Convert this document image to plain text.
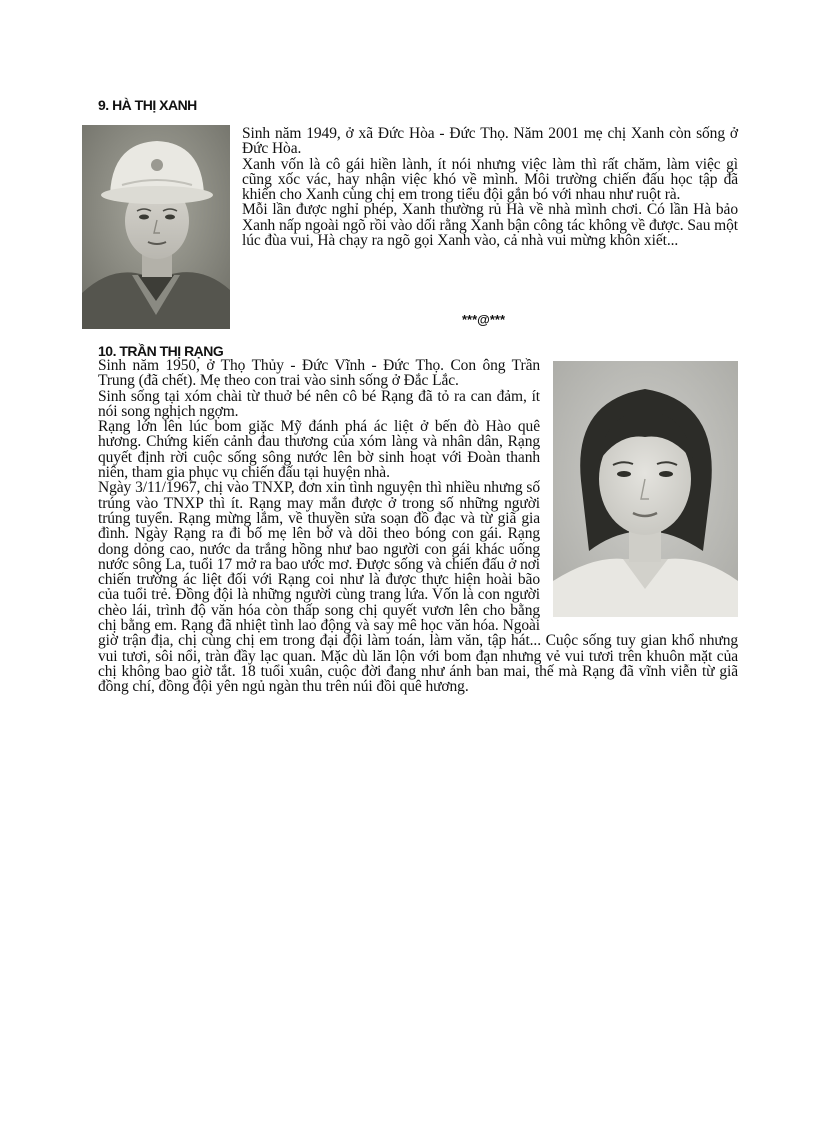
9. HÀ THỊ XANH

Sinh năm 1949, ở xã Đức Hòa - Đức Thọ. Năm 2001 mẹ chị Xanh còn sống ở Đức Hòa.

Xanh vốn là cô gái hiền lành, ít nói nhưng việc làm thì rất chăm, làm việc gì cũng xốc vác, hay nhận việc khó về mình. Môi trường chiến đấu học tập đã khiến cho Xanh cùng chị em trong tiểu đội gắn bó với nhau như ruột rà.

Mỗi lần được nghỉ phép, Xanh thường rủ Hà về nhà mình chơi. Có lần Hà bảo Xanh nấp ngoài ngõ rồi vào dối rằng Xanh bận công tác không về được. Sau một lúc đùa vui, Hà chạy ra ngõ gọi Xanh vào, cả nhà vui mừng khôn xiết...

***@***

10. TRẦN THỊ RẠNG

Sinh năm 1950, ở Thọ Thủy - Đức Vĩnh - Đức Thọ. Con ông Trần Trung (đã chết). Mẹ theo con trai vào sinh sống ở Đắc Lắc.

Sinh sống tại xóm chài từ thuở bé nên cô bé Rạng đã tỏ ra can đảm, ít nói song nghịch ngợm.

Rạng lớn lên lúc bom giặc Mỹ đánh phá ác liệt ở bến đò Hào quê hương. Chứng kiến cảnh đau thương của xóm làng và nhân dân, Rạng quyết định rời cuộc sống sông nước lên bờ sinh hoạt với Đoàn thanh niên, tham gia phục vụ chiến đấu tại huyện nhà.

Ngày 3/11/1967, chị vào TNXP, đơn xin tình nguyện thì nhiều nhưng số trúng vào TNXP thì ít. Rạng may mắn được ở trong số những người trúng tuyển. Rạng mừng lắm, về thuyền sửa soạn đồ đạc và từ giã gia đình. Ngày Rạng ra đi bố mẹ lên bờ và dõi theo bóng con gái. Rạng dong dỏng cao, nước da trắng hồng như bao người con gái khác uống nước sông La, tuổi 17 mở ra bao ước mơ. Được sống và chiến đấu ở nơi chiến trường ác liệt đối với Rạng coi như là được thực hiện hoài bão của tuổi trẻ. Đồng đội là những người cùng trang lứa. Vốn là con người chèo lái, trình độ văn hóa còn thấp song chị quyết vươn lên cho bằng chị bằng em. Rạng đã nhiệt tình lao động và say mê học văn hóa. Ngoài giờ trận địa, chị cùng chị em trong đại đội làm toán, làm văn, tập hát... Cuộc sống tuy gian khổ nhưng vui tươi, sôi nổi, tràn đầy lạc quan. Mặc dù lăn lộn với bom đạn nhưng vẻ vui tươi trên khuôn mặt của chị không bao giờ tắt. 18 tuổi xuân, cuộc đời đang như ánh ban mai, thế mà Rạng đã vĩnh viễn từ giã đồng chí, đồng đội yên ngủ ngàn thu trên núi đồi quê hương.
